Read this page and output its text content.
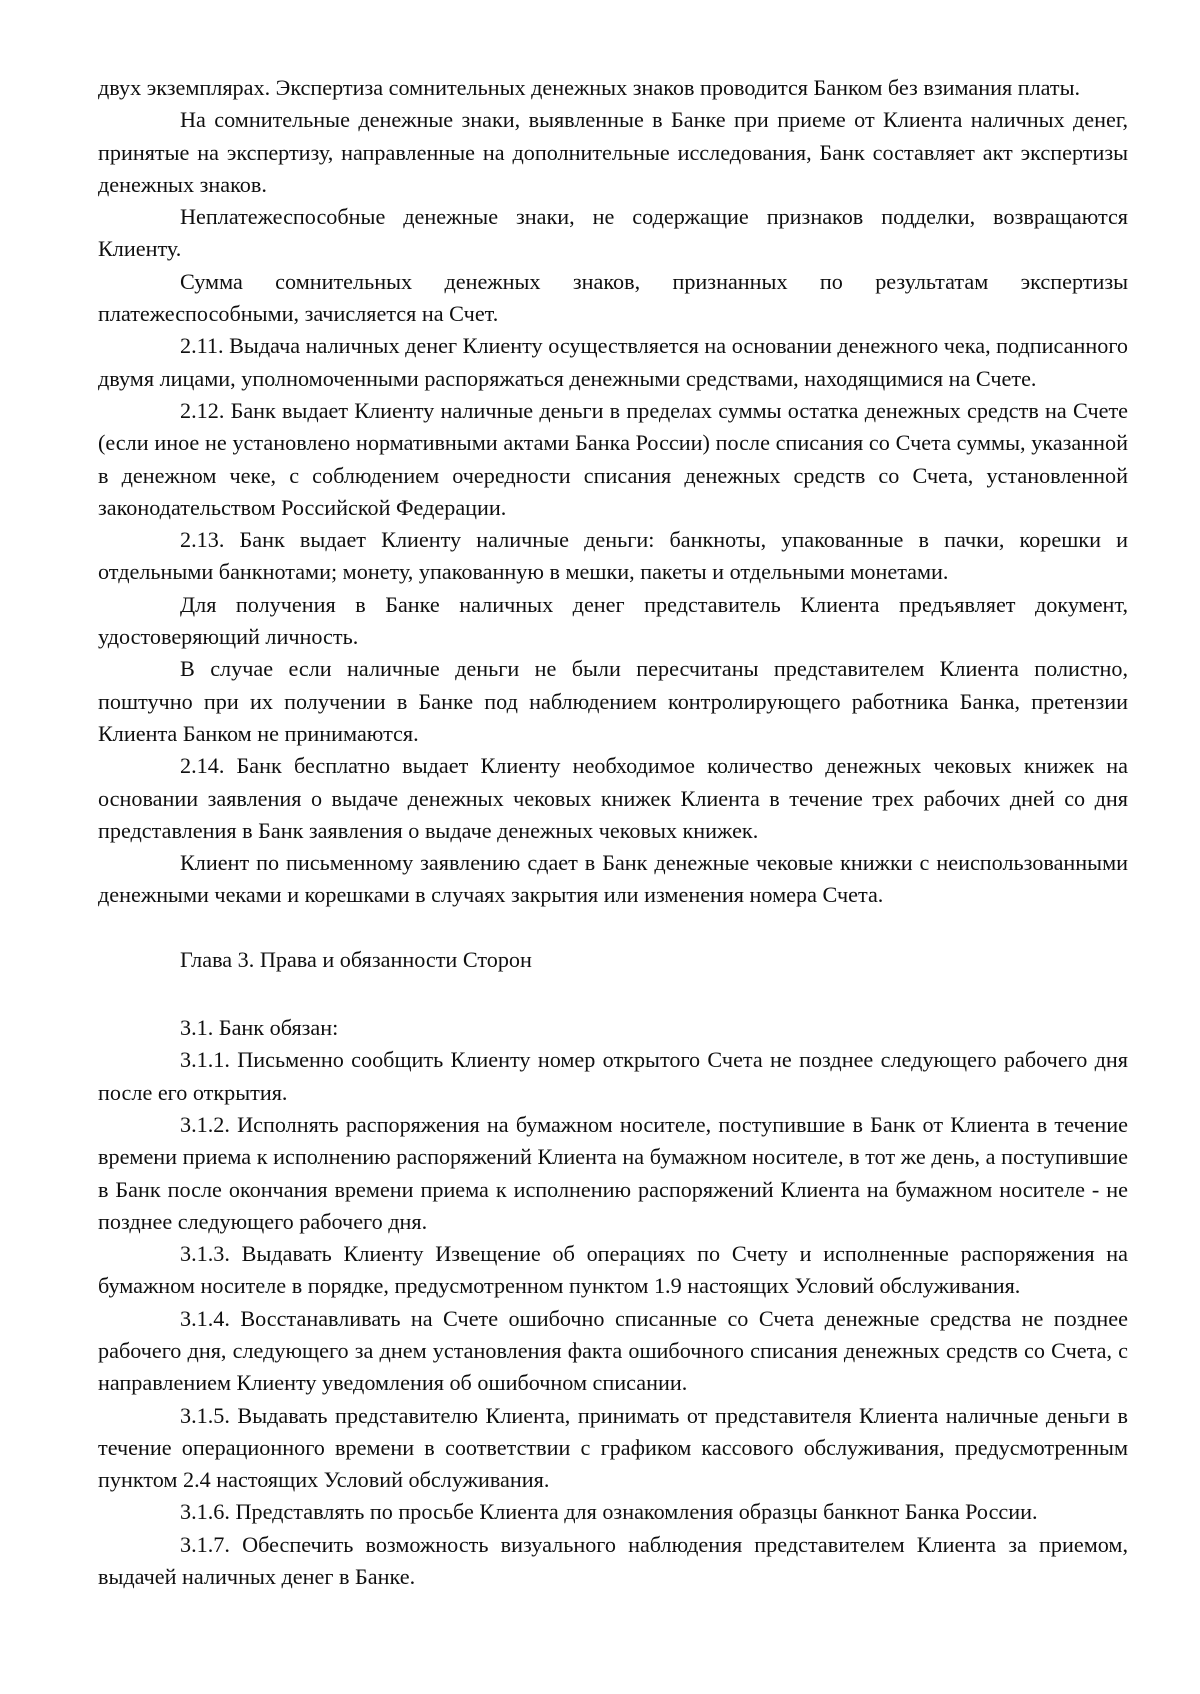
двух экземплярах. Экспертиза сомнительных денежных знаков проводится Банком без взимания платы.

На сомнительные денежные знаки, выявленные в Банке при приеме от Клиента наличных денег, принятые на экспертизу, направленные на дополнительные исследования, Банк составляет акт экспертизы денежных знаков.

Неплатежеспособные денежные знаки, не содержащие признаков подделки, возвращаются Клиенту.

Сумма сомнительных денежных знаков, признанных по результатам экспертизы платежеспособными, зачисляется на Счет.

2.11. Выдача наличных денег Клиенту осуществляется на основании денежного чека, подписанного двумя лицами, уполномоченными распоряжаться денежными средствами, находящимися на Счете.

2.12. Банк выдает Клиенту наличные деньги в пределах суммы остатка денежных средств на Счете (если иное не установлено нормативными актами Банка России) после списания со Счета суммы, указанной в денежном чеке, с соблюдением очередности списания денежных средств со Счета, установленной законодательством Российской Федерации.

2.13. Банк выдает Клиенту наличные деньги: банкноты, упакованные в пачки, корешки и отдельными банкнотами; монету, упакованную в мешки, пакеты и отдельными монетами.

Для получения в Банке наличных денег представитель Клиента предъявляет документ, удостоверяющий личность.

В случае если наличные деньги не были пересчитаны представителем Клиента полистно, поштучно при их получении в Банке под наблюдением контролирующего работника Банка, претензии Клиента Банком не принимаются.

2.14. Банк бесплатно выдает Клиенту необходимое количество денежных чековых книжек на основании заявления о выдаче денежных чековых книжек Клиента в течение трех рабочих дней со дня представления в Банк заявления о выдаче денежных чековых книжек.

Клиент по письменному заявлению сдает в Банк денежные чековые книжки с неиспользованными денежными чеками и корешками в случаях закрытия или изменения номера Счета.

Глава 3. Права и обязанности Сторон

3.1. Банк обязан:

3.1.1. Письменно сообщить Клиенту номер открытого Счета не позднее следующего рабочего дня после его открытия.

3.1.2. Исполнять распоряжения на бумажном носителе, поступившие в Банк от Клиента в течение времени приема к исполнению распоряжений Клиента на бумажном носителе, в тот же день, а поступившие в Банк после окончания времени приема к исполнению распоряжений Клиента на бумажном носителе - не позднее следующего рабочего дня.

3.1.3. Выдавать Клиенту Извещение об операциях по Счету и исполненные распоряжения на бумажном носителе в порядке, предусмотренном пунктом 1.9 настоящих Условий обслуживания.

3.1.4. Восстанавливать на Счете ошибочно списанные со Счета денежные средства не позднее рабочего дня, следующего за днем установления факта ошибочного списания денежных средств со Счета, с направлением Клиенту уведомления об ошибочном списании.

3.1.5. Выдавать представителю Клиента, принимать от представителя Клиента наличные деньги в течение операционного времени в соответствии с графиком кассового обслуживания, предусмотренным пунктом 2.4 настоящих Условий обслуживания.

3.1.6. Представлять по просьбе Клиента для ознакомления образцы банкнот Банка России.

3.1.7. Обеспечить возможность визуального наблюдения представителем Клиента за приемом, выдачей наличных денег в Банке.
